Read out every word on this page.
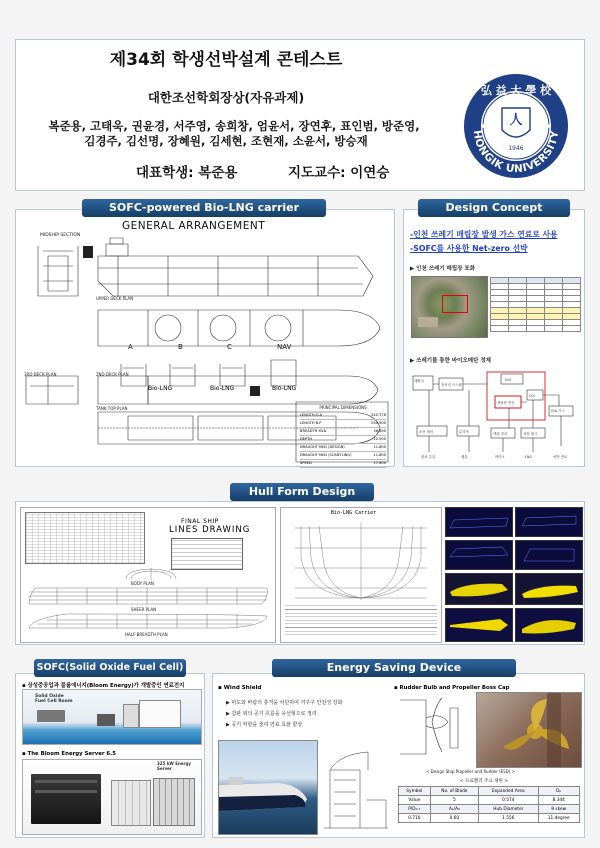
제34회 학생선박설계 콘테스트
대한조선학회장상(자유과제)
복준용, 고태욱, 권윤경, 서주영, 송희창, 엄윤서, 장연후, 표인범, 방준영,
김경주, 김선명, 장혜원, 김세현, 조현재, 소윤서, 방승재
대표학생: 복준용	지도교수: 이연승
HONGIK UNIVERSITY
弘 益 大 學 校
人
1946
SOFC-powered Bio-LNG carrier
GENERAL ARRANGEMENT
MIDSHIP SECTION
UPPER DECK PLAN
2ND DECK PLAN
3RD DECK PLAN
TANK TOP PLAN
A	B	C	NAV
Bio-LNG	Bio-LNG	Bio-LNG
PRINCIPAL DIMENSIONS
LENGTH O.A	242.776
LENGTH B.P	230.900
BREADTH MLD	36.600
DEPTH	22.500
DRAUGHT MLD (DESIGN)	11.800
DRAUGHT MLD (SCANTLING)	11.800
SPEED	17.600
Design Concept
-인천 쓰레기 매립장 발생 가스 연료로 사용
-SOFC를 사용한 Net-zero 선박
▶ 인천 쓰레기 매립장 포화

▶ 쓰레기를 통한 바이오메탄 정제
매립지
전처리 시스템
H₂S
생화학 반응
CO₂
CH₄ 가스
조건 제어	분리막	액화 장치	저장 탱크
원료 투입	배출	바이오	LNG	선박 연료
Hull Form Design
FINAL SHIP
LINES DRAWING
BODY PLAN
SHEER PLAN
HALF-BREADTH PLAN
Bio-LNG Carrier
SOFC(Solid Oxide Fuel Cell)
▪ 상성중공업과 블룸에너지(Bloom Energy)가 개발중인 연료전지
Solid Oxide Fuel Cell Room
▪ The Bloom Energy Server 6.5
325 kW Energy Server
Energy Saving Device
▪ Wind Shield
▶ 파도와 바람의 충격을 차단하여 거주구 안전성 강화
▶ 갑판 위의 공기 흐름을 유선형으로 정리
▶ 공기 저항을 줄여 연료 효율 향상
▪ Rudder Bulb and Propeller Boss Cap
< Design Ship Propeller and Rudder (ESD) >
< 프로펠러 주요 제원 >
Symbol	No. of Blade	Expanded Area	Dₚ
Value	5	0.574	8.344
P/D₀.₇	Aₑ/A₀	Hub Diameter	θ skew
0.710	0.60	1.556	11 degree
